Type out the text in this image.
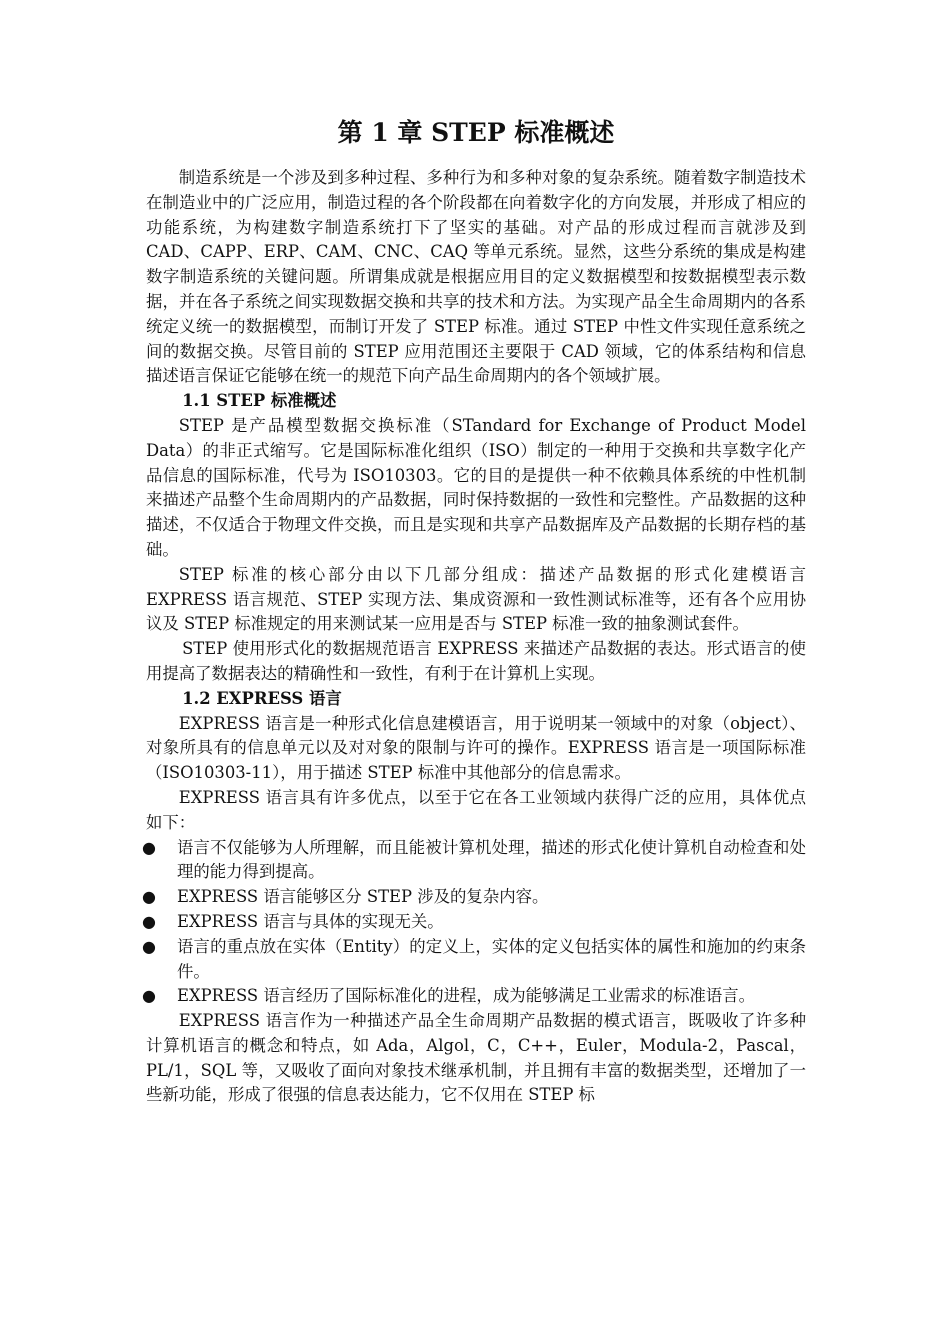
第 1 章 STEP 标准概述

制造系统是一个涉及到多种过程、多种行为和多种对象的复杂系统。随着数字制造技术在制造业中的广泛应用，制造过程的各个阶段都在向着数字化的方向发展，并形成了相应的功能系统，为构建数字制造系统打下了坚实的基础。对产品的形成过程而言就涉及到 CAD、CAPP、ERP、CAM、CNC、CAQ 等单元系统。显然，这些分系统的集成是构建数字制造系统的关键问题。所谓集成就是根据应用目的定义数据模型和按数据模型表示数据，并在各子系统之间实现数据交换和共享的技术和方法。为实现产品全生命周期内的各系统定义统一的数据模型，而制订开发了 STEP 标准。通过 STEP 中性文件实现任意系统之间的数据交换。尽管目前的 STEP 应用范围还主要限于 CAD 领域，它的体系结构和信息描述语言保证它能够在统一的规范下向产品生命周期内的各个领域扩展。

1.1 STEP 标准概述

STEP 是产品模型数据交换标准（STandard for Exchange of Product Model Data）的非正式缩写。它是国际标准化组织（ISO）制定的一种用于交换和共享数字化产品信息的国际标准，代号为 ISO10303。它的目的是提供一种不依赖具体系统的中性机制来描述产品整个生命周期内的产品数据，同时保持数据的一致性和完整性。产品数据的这种描述，不仅适合于物理文件交换，而且是实现和共享产品数据库及产品数据的长期存档的基础。

STEP 标准的核心部分由以下几部分组成：描述产品数据的形式化建模语言 EXPRESS 语言规范、STEP 实现方法、集成资源和一致性测试标准等，还有各个应用协议及 STEP 标准规定的用来测试某一应用是否与 STEP 标准一致的抽象测试套件。

STEP 使用形式化的数据规范语言 EXPRESS 来描述产品数据的表达。形式语言的使用提高了数据表达的精确性和一致性，有利于在计算机上实现。

1.2 EXPRESS 语言

EXPRESS 语言是一种形式化信息建模语言，用于说明某一领域中的对象（object）、对象所具有的信息单元以及对对象的限制与许可的操作。EXPRESS 语言是一项国际标准（ISO10303-11），用于描述 STEP 标准中其他部分的信息需求。

EXPRESS 语言具有许多优点，以至于它在各工业领域内获得广泛的应用，具体优点如下：

● 语言不仅能够为人所理解，而且能被计算机处理，描述的形式化使计算机自动检查和处理的能力得到提高。
● EXPRESS 语言能够区分 STEP 涉及的复杂内容。
● EXPRESS 语言与具体的实现无关。
● 语言的重点放在实体（Entity）的定义上，实体的定义包括实体的属性和施加的约束条件。
● EXPRESS 语言经历了国际标准化的进程，成为能够满足工业需求的标准语言。

EXPRESS 语言作为一种描述产品全生命周期产品数据的模式语言，既吸收了许多种计算机语言的概念和特点，如 Ada，Algol，C，C++，Euler，Modula-2，Pascal，PL/1，SQL 等，又吸收了面向对象技术继承机制，并且拥有丰富的数据类型，还增加了一些新功能，形成了很强的信息表达能力，它不仅用在 STEP 标
